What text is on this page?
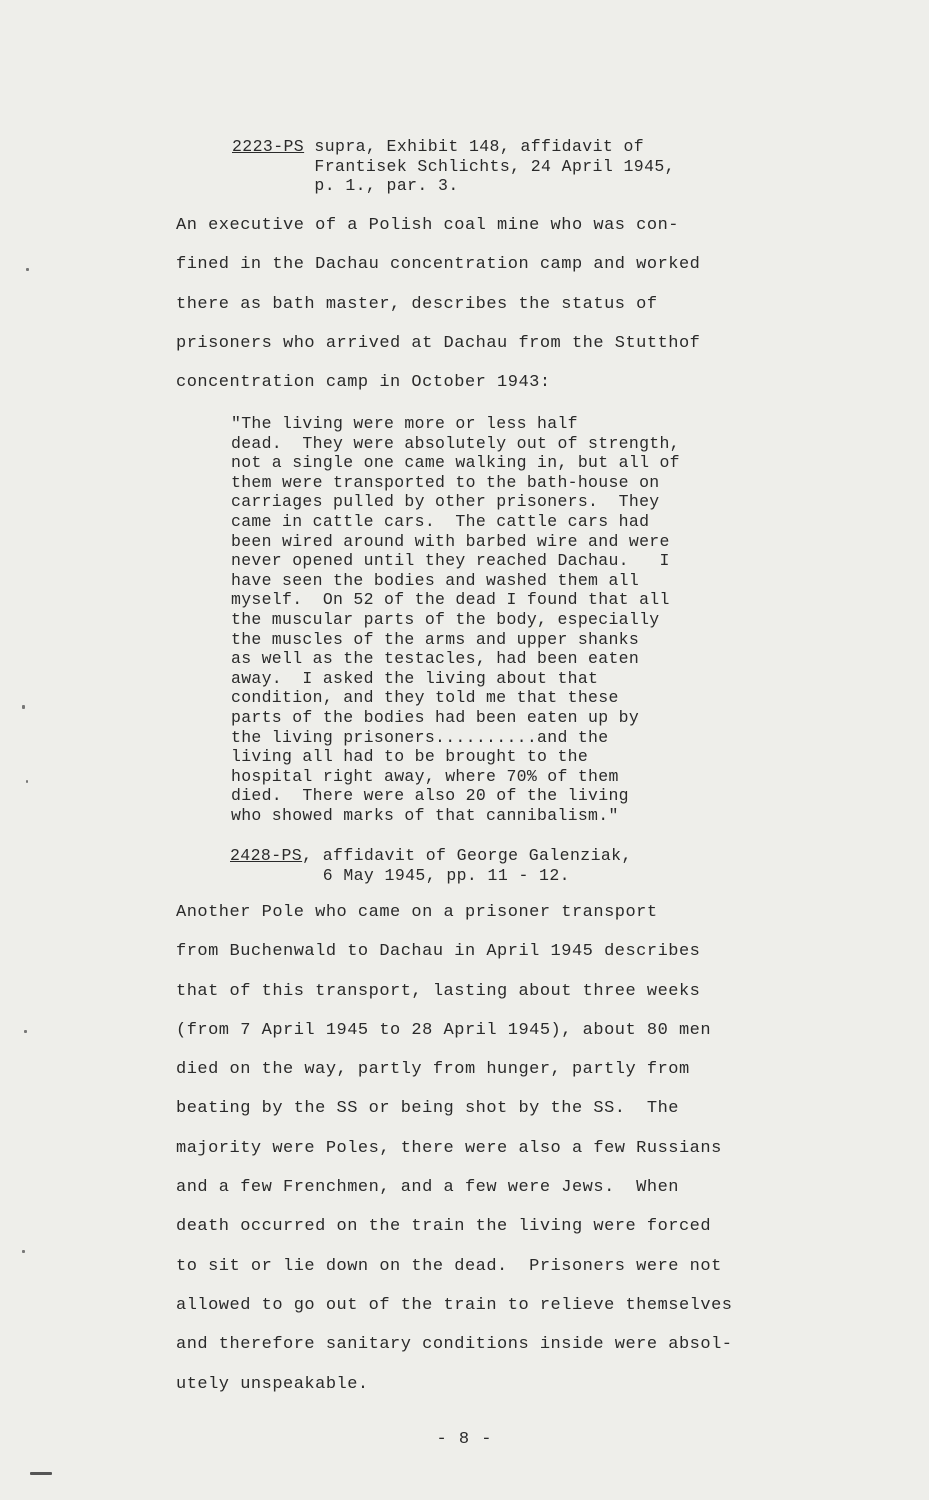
2223-PS supra, Exhibit 148, affidavit of
Frantisek Schlichts, 24 April 1945,
p. 1., par. 3.
An executive of a Polish coal mine who was con-
fined in the Dachau concentration camp and worked
there as bath master, describes the status of
prisoners who arrived at Dachau from the Stutthof
concentration camp in October 1943:
"The living were more or less half
dead.  They were absolutely out of strength,
not a single one came walking in, but all of
them were transported to the bath-house on
carriages pulled by other prisoners.  They
came in cattle cars.  The cattle cars had
been wired around with barbed wire and were
never opened until they reached Dachau.   I
have seen the bodies and washed them all
myself.  On 52 of the dead I found that all
the muscular parts of the body, especially
the muscles of the arms and upper shanks
as well as the testacles, had been eaten
away.  I asked the living about that
condition, and they told me that these
parts of the bodies had been eaten up by
the living prisoners..........and the
living all had to be brought to the
hospital right away, where 70% of them
died.  There were also 20 of the living
who showed marks of that cannibalism."
2428-PS, affidavit of George Galenziak,
6 May 1945, pp. 11 - 12.
Another Pole who came on a prisoner transport
from Buchenwald to Dachau in April 1945 describes
that of this transport, lasting about three weeks
(from 7 April 1945 to 28 April 1945), about 80 men
died on the way, partly from hunger, partly from
beating by the SS or being shot by the SS.  The
majority were Poles, there were also a few Russians
and a few Frenchmen, and a few were Jews.  When
death occurred on the train the living were forced
to sit or lie down on the dead.  Prisoners were not
allowed to go out of the train to relieve themselves
and therefore sanitary conditions inside were absol-
utely unspeakable.
- 8 -
